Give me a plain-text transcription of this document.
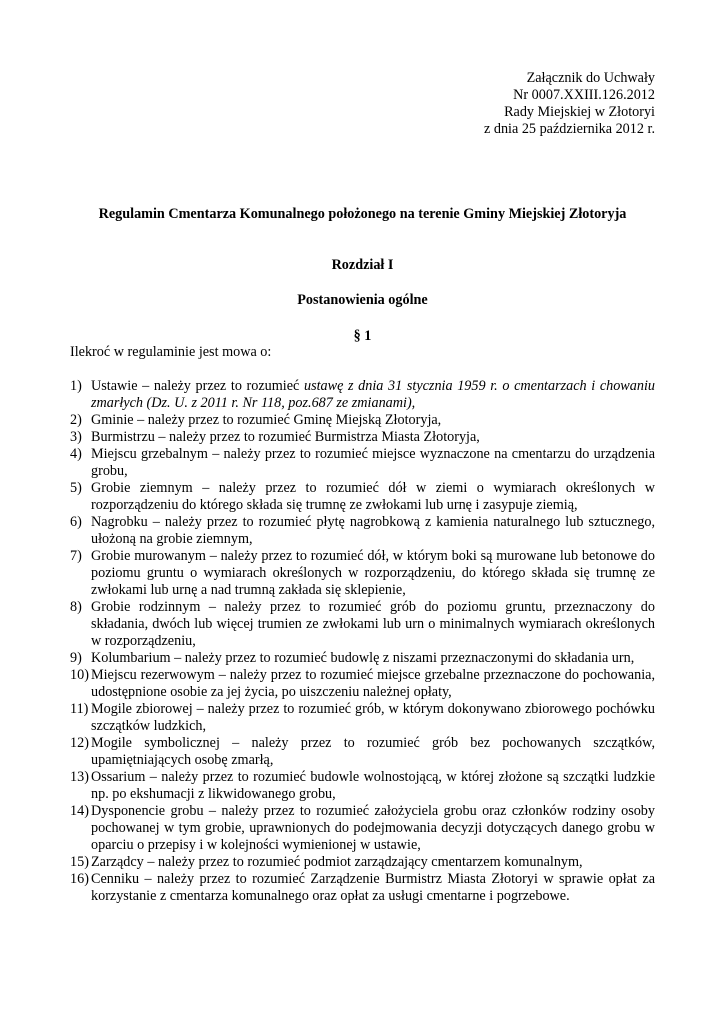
Załącznik do Uchwały
Nr 0007.XXIII.126.2012
Rady Miejskiej w Złotoryi
z dnia 25 października 2012 r.
Regulamin Cmentarza Komunalnego położonego na terenie Gminy Miejskiej Złotoryja
Rozdział I
Postanowienia ogólne
§ 1
Ilekroć w regulaminie jest mowa o:
1) Ustawie – należy przez to rozumieć ustawę z dnia 31 stycznia 1959 r. o cmentarzach i chowaniu zmarłych (Dz. U. z 2011 r. Nr 118, poz.687 ze zmianami),
2) Gminie – należy przez to rozumieć Gminę Miejską Złotoryja,
3) Burmistrzu – należy przez to rozumieć Burmistrza Miasta Złotoryja,
4) Miejscu grzebalnym – należy przez to rozumieć miejsce wyznaczone na cmentarzu do urządzenia grobu,
5) Grobie ziemnym – należy przez to rozumieć dół w ziemi o wymiarach określonych w rozporządzeniu do którego składa się trumnę ze zwłokami lub urnę i zasypuje ziemią,
6) Nagrobku – należy przez to rozumieć płytę nagrobkową z kamienia naturalnego lub sztucznego, ułożoną na grobie ziemnym,
7) Grobie murowanym – należy przez to rozumieć dół, w którym boki są murowane lub betonowe do poziomu gruntu o wymiarach określonych w rozporządzeniu, do którego składa się trumnę ze zwłokami lub urnę a nad trumną zakłada się sklepienie,
8) Grobie rodzinnym – należy przez to rozumieć grób do poziomu gruntu, przeznaczony do składania, dwóch lub więcej trumien ze zwłokami lub urn o minimalnych wymiarach określonych w rozporządzeniu,
9) Kolumbarium – należy przez to rozumieć budowlę z niszami przeznaczonymi do składania urn,
10) Miejscu rezerwowym – należy przez to rozumieć miejsce grzebalne przeznaczone do pochowania, udostępnione osobie za jej życia, po uiszczeniu należnej opłaty,
11) Mogile zbiorowej – należy przez to rozumieć grób, w którym dokonywano zbiorowego pochówku szczątków ludzkich,
12) Mogile symbolicznej – należy przez to rozumieć grób bez pochowanych szczątków, upamiętniających osobę zmarłą,
13) Ossarium – należy przez to rozumieć budowle wolnostojącą, w której złożone są szczątki ludzkie np. po ekshumacji z likwidowanego grobu,
14) Dysponencie grobu – należy przez to rozumieć założyciela grobu oraz członków rodziny osoby pochowanej w tym grobie, uprawnionych do podejmowania decyzji dotyczących danego grobu w oparciu o przepisy i w kolejności wymienionej w ustawie,
15) Zarządcy – należy przez to rozumieć podmiot zarządzający cmentarzem komunalnym,
16) Cenniku – należy przez to rozumieć Zarządzenie Burmistrz Miasta Złotoryi w sprawie opłat za korzystanie z cmentarza komunalnego oraz opłat za usługi cmentarne i pogrzebowe.
